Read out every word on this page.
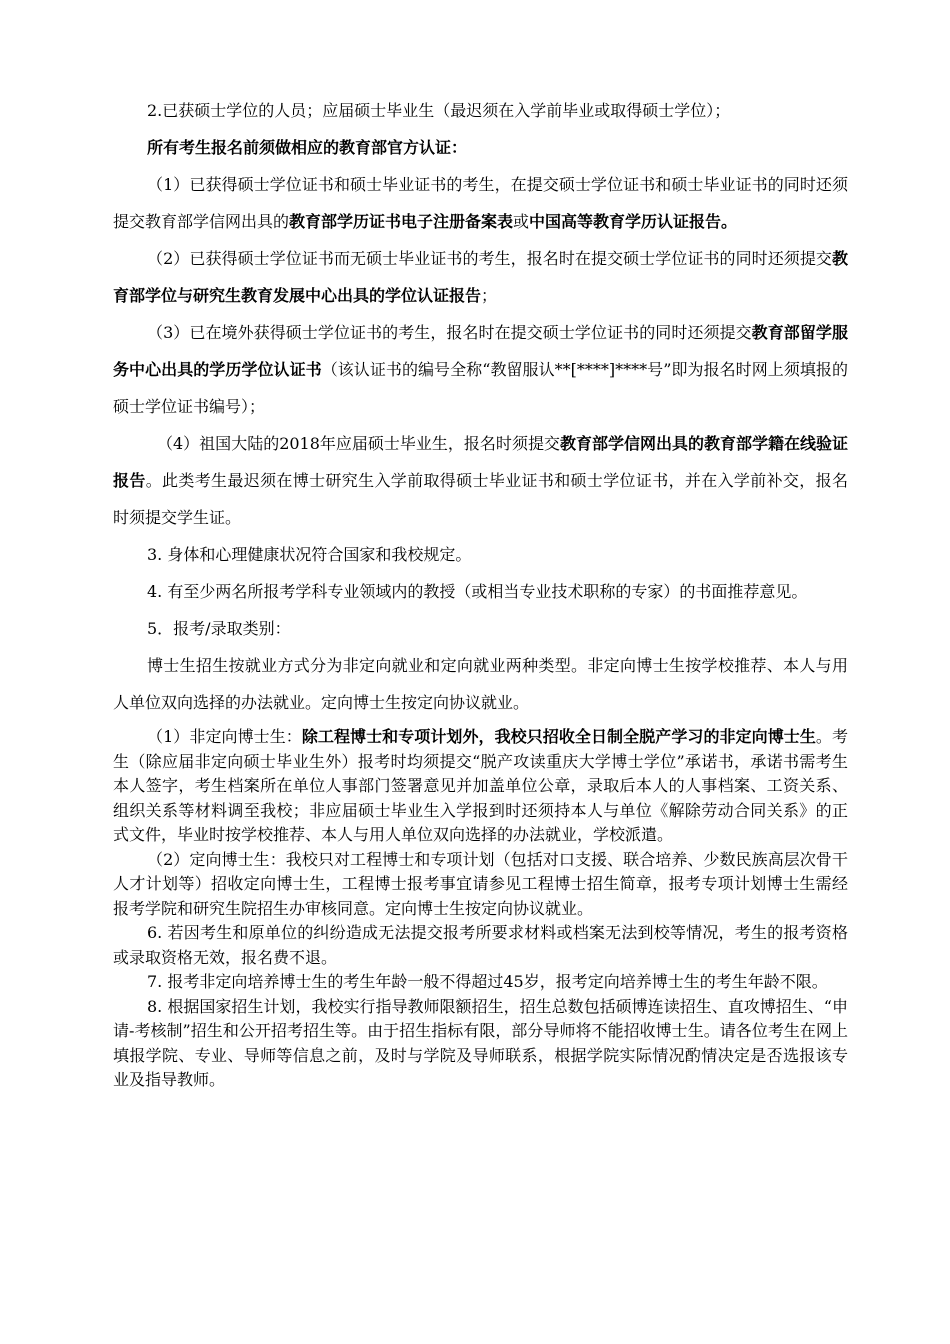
2.已获硕士学位的人员；应届硕士毕业生（最迟须在入学前毕业或取得硕士学位）；

所有考生报名前须做相应的教育部官方认证：

（1）已获得硕士学位证书和硕士毕业证书的考生，在提交硕士学位证书和硕士毕业证书的同时还须提交教育部学信网出具的教育部学历证书电子注册备案表或中国高等教育学历认证报告。

（2）已获得硕士学位证书而无硕士毕业证书的考生，报名时在提交硕士学位证书的同时还须提交教育部学位与研究生教育发展中心出具的学位认证报告；

（3）已在境外获得硕士学位证书的考生，报名时在提交硕士学位证书的同时还须提交教育部留学服务中心出具的学历学位认证书（该认证书的编号全称“教留服认**[****]****号”即为报名时网上须填报的硕士学位证书编号）；

（4）祖国大陆的2018年应届硕士毕业生，报名时须提交教育部学信网出具的教育部学籍在线验证报告。此类考生最迟须在博士研究生入学前取得硕士毕业证书和硕士学位证书，并在入学前补交，报名时须提交学生证。

3. 身体和心理健康状况符合国家和我校规定。

4. 有至少两名所报考学科专业领域内的教授（或相当专业技术职称的专家）的书面推荐意见。

5．报考/录取类别：

博士生招生按就业方式分为非定向就业和定向就业两种类型。非定向博士生按学校推荐、本人与用人单位双向选择的办法就业。定向博士生按定向协议就业。

（1）非定向博士生：除工程博士和专项计划外，我校只招收全日制全脱产学习的非定向博士生。考生（除应届非定向硕士毕业生外）报考时均须提交“脱产攻读重庆大学博士学位”承诺书，承诺书需考生本人签字，考生档案所在单位人事部门签署意见并加盖单位公章，录取后本人的人事档案、工资关系、组织关系等材料调至我校；非应届硕士毕业生入学报到时还须持本人与单位《解除劳动合同关系》的正式文件，毕业时按学校推荐、本人与用人单位双向选择的办法就业，学校派遣。

（2）定向博士生：我校只对工程博士和专项计划（包括对口支援、联合培养、少数民族高层次骨干人才计划等）招收定向博士生，工程博士报考事宜请参见工程博士招生简章，报考专项计划博士生需经报考学院和研究生院招生办审核同意。定向博士生按定向协议就业。

6. 若因考生和原单位的纠纷造成无法提交报考所要求材料或档案无法到校等情况，考生的报考资格或录取资格无效，报名费不退。

7. 报考非定向培养博士生的考生年龄一般不得超过45岁，报考定向培养博士生的考生年龄不限。

8. 根据国家招生计划，我校实行指导教师限额招生，招生总数包括硕博连读招生、直攻博招生、“申请-考核制”招生和公开招考招生等。由于招生指标有限，部分导师将不能招收博士生。请各位考生在网上填报学院、专业、导师等信息之前，及时与学院及导师联系，根据学院实际情况酌情决定是否选报该专业及指导教师。
